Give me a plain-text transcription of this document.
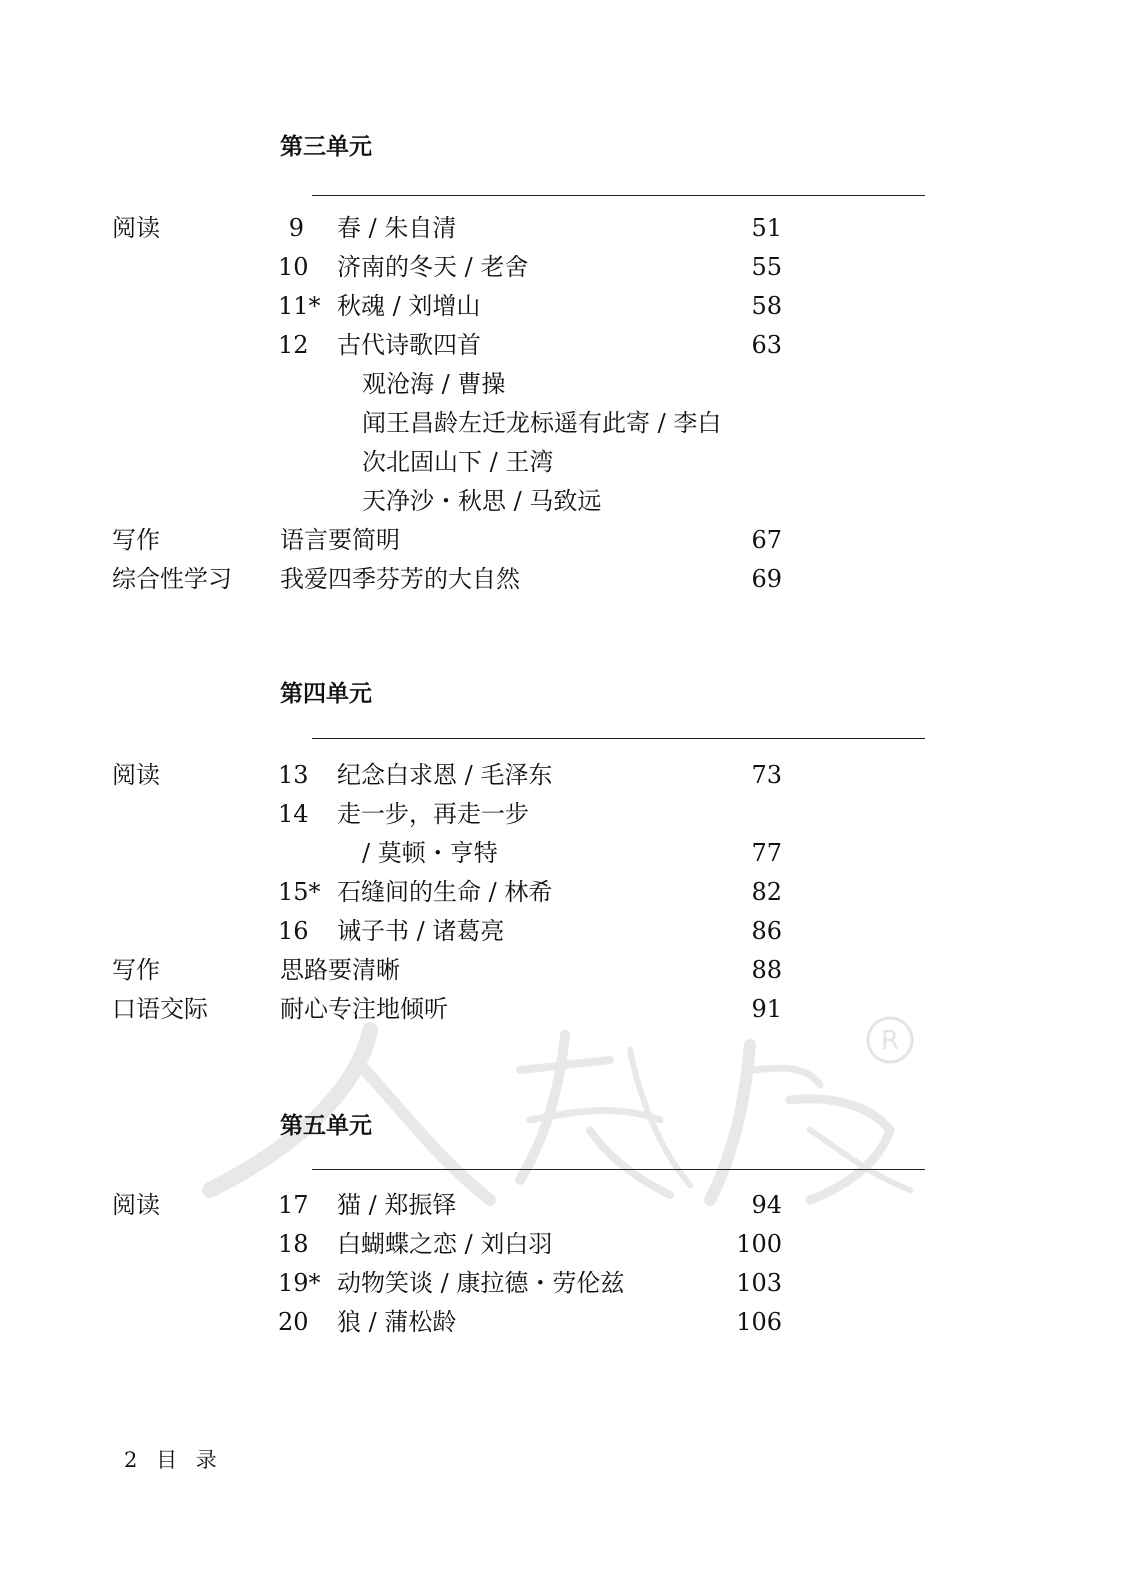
R
第三单元
阅读	9 春 / 朱自清	51
10	济南的冬天 / 老舍	55
11* 秋魂 / 刘增山	58
12	古代诗歌四首	63
观沧海 / 曹操
闻王昌龄左迁龙标遥有此寄 / 李白
次北固山下 / 王湾
天净沙・秋思 / 马致远
写作	语言要简明	67
综合性学习 我爱四季芬芳的大自然	69
第四单元
阅读	13	纪念白求恩 / 毛泽东	73
14	走一步，再走一步
/ 莫顿・亨特	77
15* 石缝间的生命 / 林希	82
16	诫子书 / 诸葛亮	86
写作	思路要清晰	88
口语交际	耐心专注地倾听	91
第五单元
阅读	17	猫 / 郑振铎	94
18	白蝴蝶之恋 / 刘白羽	100
19* 动物笑谈 / 康拉德・劳伦兹	103
20	狼 / 蒲松龄	106
2 目 录
